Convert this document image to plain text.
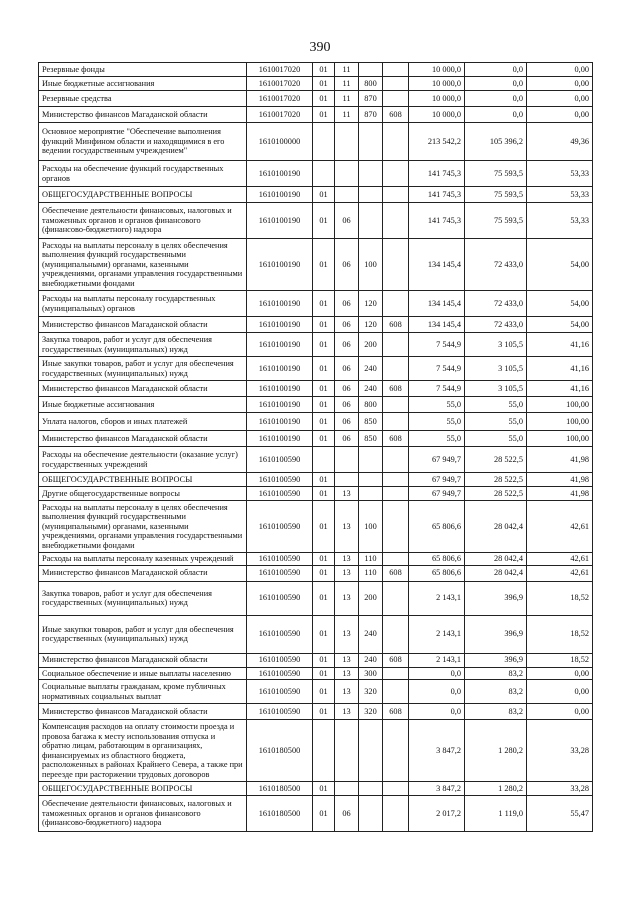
390
Резервные фонды	1610017020	01	11			10 000,0	0,0	0,00
Иные бюджетные ассигнования	1610017020	01	11	800		10 000,0	0,0	0,00
Резервные средства	1610017020	01	11	870		10 000,0	0,0	0,00
Министерство финансов Магаданской области	1610017020	01	11	870	608	10 000,0	0,0	0,00
Основное мероприятие "Обеспечение выполнения функций Минфином области и находящимися в его ведении государственным учреждением"	1610100000					213 542,2	105 396,2	49,36
Расходы на обеспечение функций государственных органов	1610100190					141 745,3	75 593,5	53,33
ОБЩЕГОСУДАРСТВЕННЫЕ ВОПРОСЫ	1610100190	01				141 745,3	75 593,5	53,33
Обеспечение деятельности финансовых, налоговых и таможенных органов и органов финансового (финансово-бюджетного) надзора	1610100190	01	06			141 745,3	75 593,5	53,33
Расходы на выплаты персоналу в целях обеспечения выполнения функций государственными (муниципальными) органами, казенными учреждениями, органами управления государственными внебюджетными фондами	1610100190	01	06	100		134 145,4	72 433,0	54,00
Расходы на выплаты персоналу государственных (муниципальных) органов	1610100190	01	06	120		134 145,4	72 433,0	54,00
Министерство финансов Магаданской области	1610100190	01	06	120	608	134 145,4	72 433,0	54,00
Закупка товаров, работ и услуг для обеспечения государственных (муниципальных) нужд	1610100190	01	06	200		7 544,9	3 105,5	41,16
Иные закупки товаров, работ и услуг для обеспечения государственных (муниципальных) нужд	1610100190	01	06	240		7 544,9	3 105,5	41,16
Министерство финансов Магаданской области	1610100190	01	06	240	608	7 544,9	3 105,5	41,16
Иные бюджетные ассигнования	1610100190	01	06	800		55,0	55,0	100,00
Уплата налогов, сборов и иных платежей	1610100190	01	06	850		55,0	55,0	100,00
Министерство финансов Магаданской области	1610100190	01	06	850	608	55,0	55,0	100,00
Расходы на обеспечение деятельности (оказание услуг) государственных учреждений	1610100590					67 949,7	28 522,5	41,98
ОБЩЕГОСУДАРСТВЕННЫЕ ВОПРОСЫ	1610100590	01				67 949,7	28 522,5	41,98
Другие общегосударственные вопросы	1610100590	01	13			67 949,7	28 522,5	41,98
Расходы на выплаты персоналу в целях обеспечения выполнения функций государственными (муниципальными) органами, казенными учреждениями, органами управления государственными внебюджетными фондами	1610100590	01	13	100		65 806,6	28 042,4	42,61
Расходы на выплаты персоналу казенных учреждений	1610100590	01	13	110		65 806,6	28 042,4	42,61
Министерство финансов Магаданской области	1610100590	01	13	110	608	65 806,6	28 042,4	42,61
Закупка товаров, работ и услуг для обеспечения государственных (муниципальных) нужд	1610100590	01	13	200		2 143,1	396,9	18,52
Иные закупки товаров, работ и услуг для обеспечения государственных (муниципальных) нужд	1610100590	01	13	240		2 143,1	396,9	18,52
Министерство финансов Магаданской области	1610100590	01	13	240	608	2 143,1	396,9	18,52
Социальное обеспечение и иные выплаты населению	1610100590	01	13	300		0,0	83,2	0,00
Социальные выплаты гражданам, кроме публичных нормативных социальных выплат	1610100590	01	13	320		0,0	83,2	0,00
Министерство финансов Магаданской области	1610100590	01	13	320	608	0,0	83,2	0,00
Компенсация расходов на оплату стоимости проезда и провоза багажа к месту использования отпуска и обратно лицам, работающим в организациях, финансируемых из областного бюджета, расположенных в районах Крайнего Севера, а также при переезде при расторжении трудовых договоров	1610180500					3 847,2	1 280,2	33,28
ОБЩЕГОСУДАРСТВЕННЫЕ ВОПРОСЫ	1610180500	01				3 847,2	1 280,2	33,28
Обеспечение деятельности финансовых, налоговых и таможенных органов и органов финансового (финансово-бюджетного) надзора	1610180500	01	06			2 017,2	1 119,0	55,47
